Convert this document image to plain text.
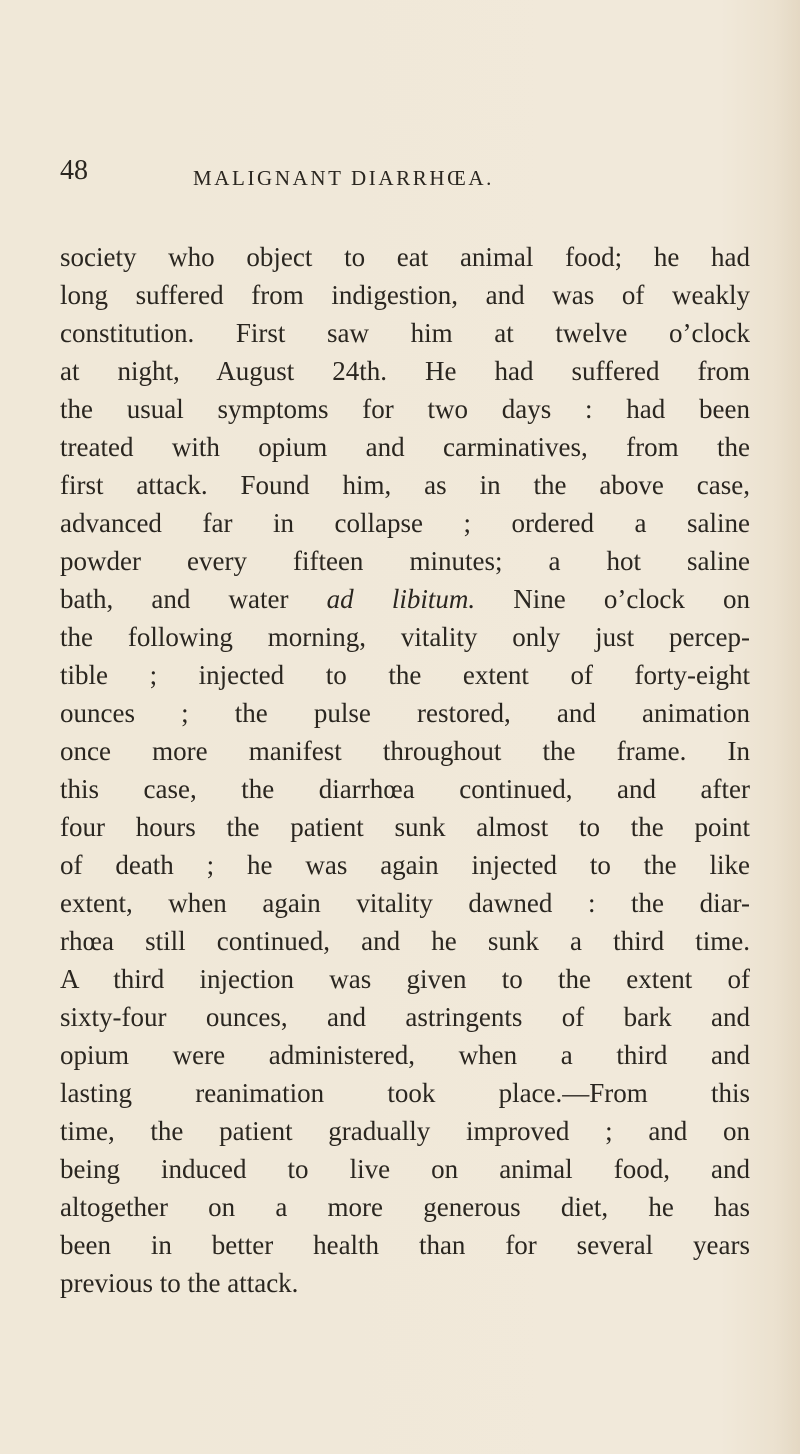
48	MALIGNANT DIARRHŒA.
society who object to eat animal food; he had
long suffered from indigestion, and was of weakly
constitution. First saw him at twelve o’clock
at night, August 24th. He had suffered from
the usual symptoms for two days : had been
treated with opium and carminatives, from the
first attack. Found him, as in the above case,
advanced far in collapse ; ordered a saline
powder every fifteen minutes; a hot saline
bath, and water ad libitum. Nine o’clock on
the following morning, vitality only just percep-
tible ; injected to the extent of forty-eight
ounces ; the pulse restored, and animation
once more manifest throughout the frame. In
this case, the diarrhœa continued, and after
four hours the patient sunk almost to the point
of death ; he was again injected to the like
extent, when again vitality dawned : the diar-
rhœa still continued, and he sunk a third time.
A third injection was given to the extent of
sixty-four ounces, and astringents of bark and
opium were administered, when a third and
lasting reanimation took place.—From this
time, the patient gradually improved ; and on
being induced to live on animal food, and
altogether on a more generous diet, he has
been in better health than for several years
previous to the attack.
